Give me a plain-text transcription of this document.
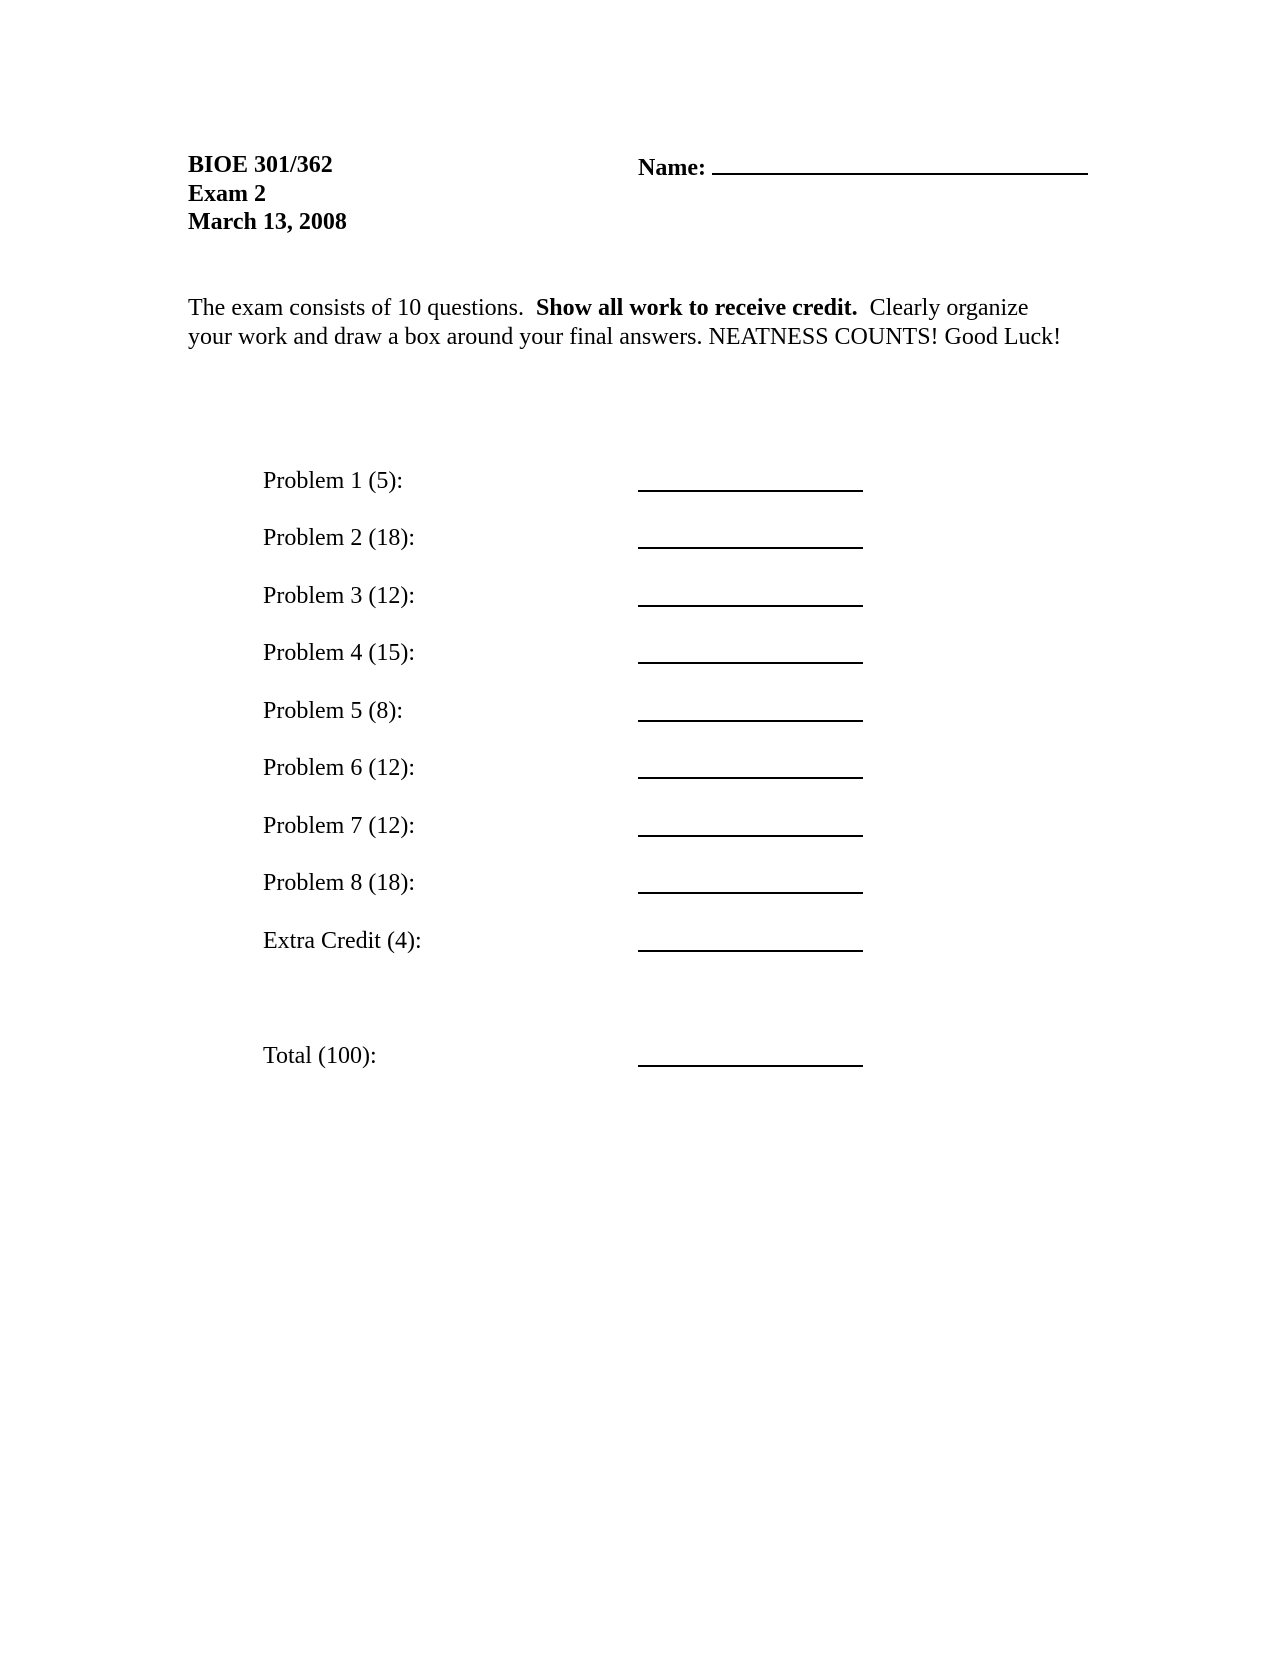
BIOE 301/362
Exam 2
March 13, 2008
Name:
The exam consists of 10 questions. Show all work to receive credit. Clearly organize your work and draw a box around your final answers. NEATNESS COUNTS! Good Luck!
Problem 1 (5):
Problem 2 (18):
Problem 3 (12):
Problem 4 (15):
Problem 5 (8):
Problem 6 (12):
Problem 7 (12):
Problem 8 (18):
Extra Credit (4):
Total (100):
